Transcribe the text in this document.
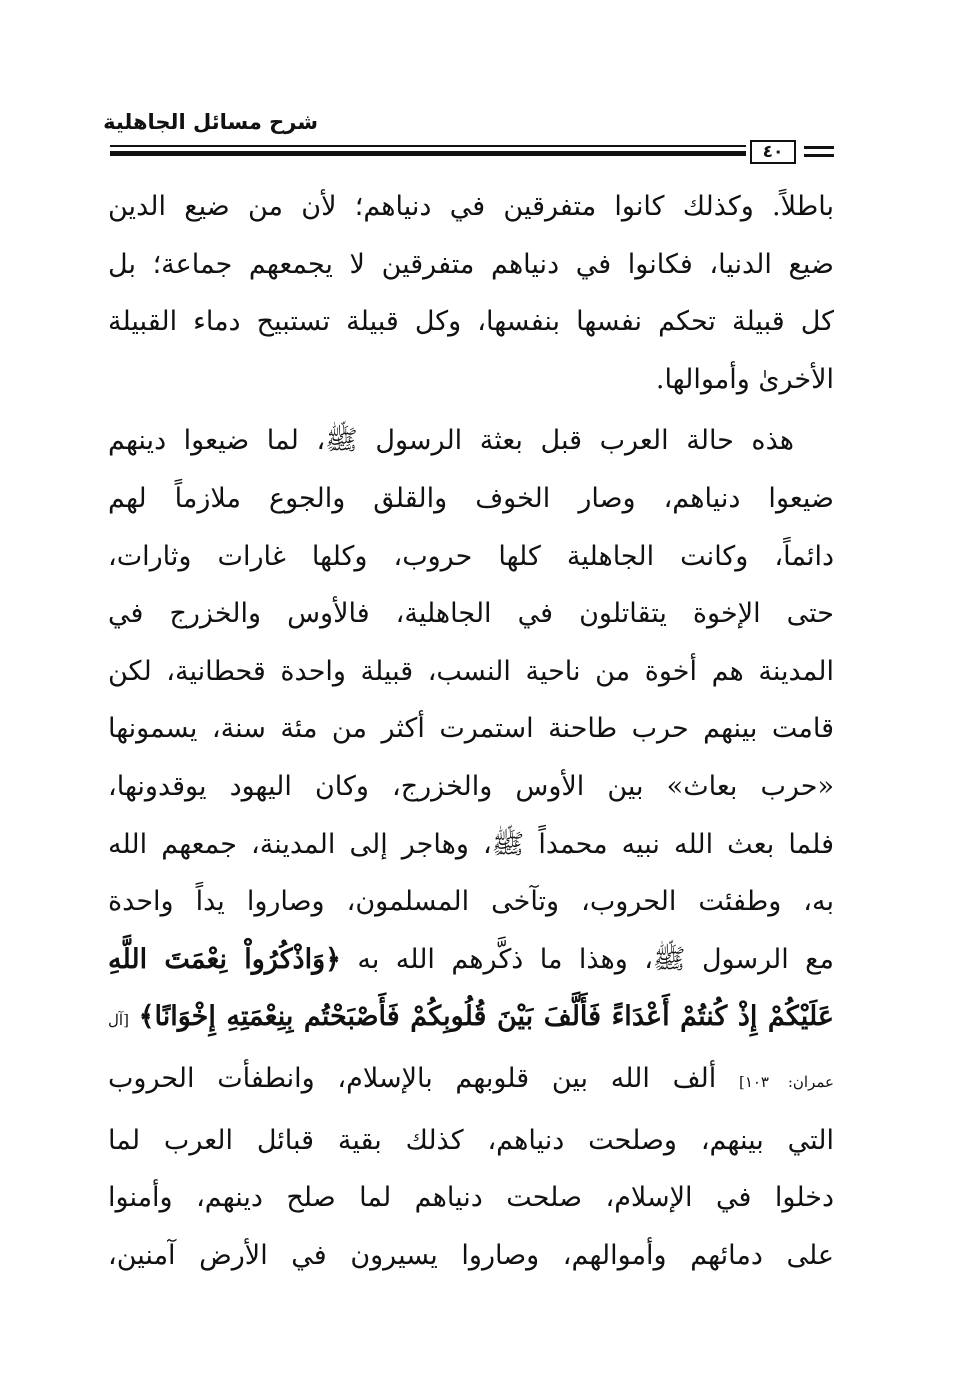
شرح مسائل الجاهلية
٤٠

باطلاً. وكذلك كانوا متفرقين في دنياهم؛ لأن من ضيع الدين
ضيع الدنيا، فكانوا في دنياهم متفرقين لا يجمعهم جماعة؛ بل
كل قبيلة تحكم نفسها بنفسها، وكل قبيلة تستبيح دماء القبيلة
الأخرىٰ وأموالها.

هذه حالة العرب قبل بعثة الرسول ﷺ، لما ضيعوا دينهم
ضيعوا دنياهم، وصار الخوف والقلق والجوع ملازماً لهم
دائماً، وكانت الجاهلية كلها حروب، وكلها غارات وثارات،
حتى الإخوة يتقاتلون في الجاهلية، فالأوس والخزرج في
المدينة هم أخوة من ناحية النسب، قبيلة واحدة قحطانية، لكن
قامت بينهم حرب طاحنة استمرت أكثر من مئة سنة، يسمونها
«حرب بعاث» بين الأوس والخزرج، وكان اليهود يوقدونها،
فلما بعث الله نبيه محمداً ﷺ، وهاجر إلى المدينة، جمعهم الله
به، وطفئت الحروب، وتآخى المسلمون، وصاروا يداً واحدة
مع الرسول ﷺ، وهذا ما ذكَّرهم الله به ﴿وَاذْكُرُواْ نِعْمَتَ اللَّهِ
عَلَيْكُمْ إِذْ كُنتُمْ أَعْدَاءً فَأَلَّفَ بَيْنَ قُلُوبِكُمْ فَأَصْبَحْتُم بِنِعْمَتِهِ إِخْوَانًا﴾ [آل
عمران: ١٠٣] ألف الله بين قلوبهم بالإسلام، وانطفأت الحروب
التي بينهم، وصلحت دنياهم، كذلك بقية قبائل العرب لما
دخلوا في الإسلام، صلحت دنياهم لما صلح دينهم، وأمنوا
على دمائهم وأموالهم، وصاروا يسيرون في الأرض آمنين،
